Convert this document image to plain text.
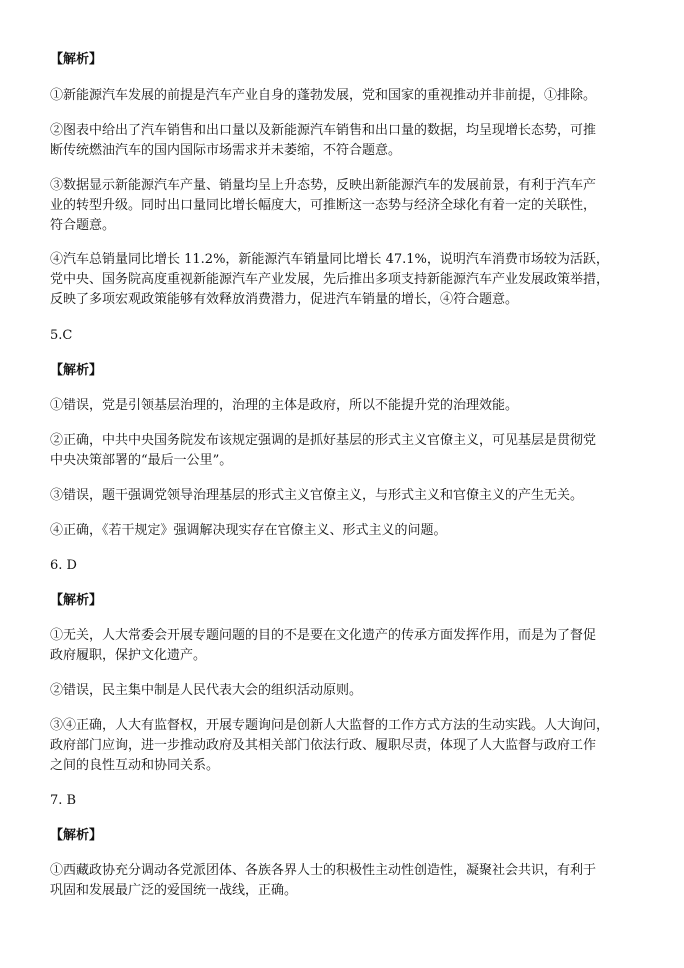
【解析】
①新能源汽车发展的前提是汽车产业自身的蓬勃发展，党和国家的重视推动并非前提，①排除。
②图表中给出了汽车销售和出口量以及新能源汽车销售和出口量的数据，均呈现增长态势，可推
断传统燃油汽车的国内国际市场需求并未萎缩，不符合题意。
③数据显示新能源汽车产量、销量均呈上升态势，反映出新能源汽车的发展前景，有利于汽车产
业的转型升级。同时出口量同比增长幅度大，可推断这一态势与经济全球化有着一定的关联性，
符合题意。
④汽车总销量同比增长 11.2%，新能源汽车销量同比增长 47.1%，说明汽车消费市场较为活跃，
党中央、国务院高度重视新能源汽车产业发展，先后推出多项支持新能源汽车产业发展政策举措，
反映了多项宏观政策能够有效释放消费潜力，促进汽车销量的增长，④符合题意。
5.C
【解析】
①错误，党是引领基层治理的，治理的主体是政府，所以不能提升党的治理效能。
②正确，中共中央国务院发布该规定强调的是抓好基层的形式主义官僚主义，可见基层是贯彻党
中央决策部署的“最后一公里”。
③错误，题干强调党领导治理基层的形式主义官僚主义，与形式主义和官僚主义的产生无关。
④正确，《若干规定》强调解决现实存在官僚主义、形式主义的问题。
6. D
【解析】
①无关，人大常委会开展专题问题的目的不是要在文化遗产的传承方面发挥作用，而是为了督促
政府履职，保护文化遗产。
②错误，民主集中制是人民代表大会的组织活动原则。
③④正确，人大有监督权，开展专题询问是创新人大监督的工作方式方法的生动实践。人大询问，
政府部门应询，进一步推动政府及其相关部门依法行政、履职尽责，体现了人大监督与政府工作
之间的良性互动和协同关系。
7. B
【解析】
①西藏政协充分调动各党派团体、各族各界人士的积极性主动性创造性，凝聚社会共识，有利于
巩固和发展最广泛的爱国统一战线，正确。
